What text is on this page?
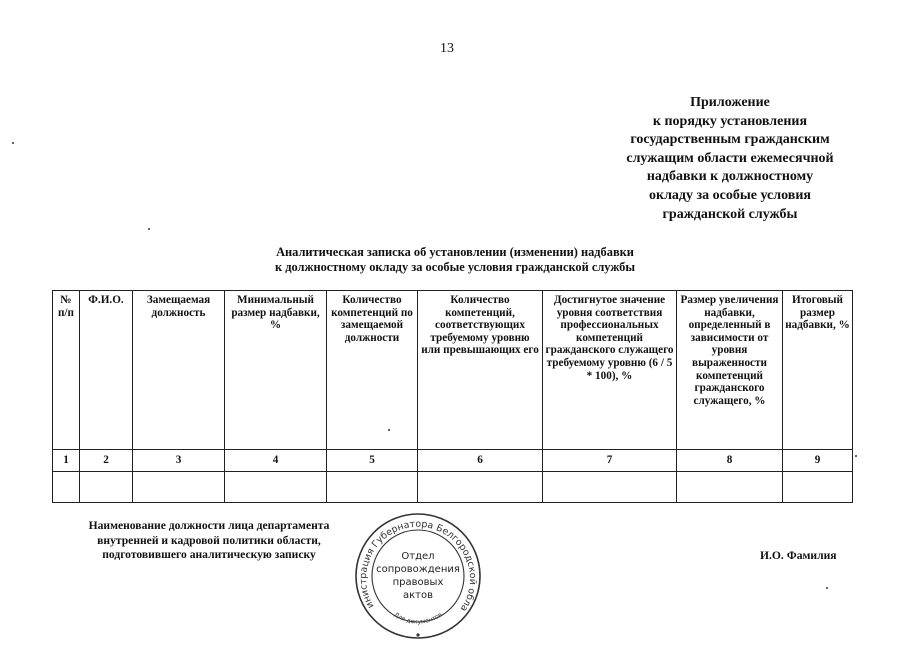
13
Приложение
к порядку установления
государственным гражданским
служащим области ежемесячной
надбавки к должностному
окладу за особые условия
гражданской службы
Аналитическая записка об установлении (изменении) надбавки
к должностному окладу за особые условия гражданской службы
№ п/п	Ф.И.О.	Замещаемая должность	Минимальный размер надбавки, %	Количество компетенций по замещаемой должности	Количество компетенций, соответствующих требуемому уровню или превышающих его	Достигнутое значение уровня соответствия профессиональных компетенций гражданского служащего требуемому уровню (6 / 5 * 100), %	Размер увеличения надбавки, определенный в зависимости от уровня выраженности компетенций гражданского служащего, %	Итоговый размер надбавки, %
1	2	3	4	5	6	7	8	9

Наименование должности лица департамента
внутренней и кадровой политики области,
подготовившего аналитическую записку	И.О. Фамилия
Администрация Губернатора Белгородской области
Для документов
Отдел
сопровождения
правовых
актов
